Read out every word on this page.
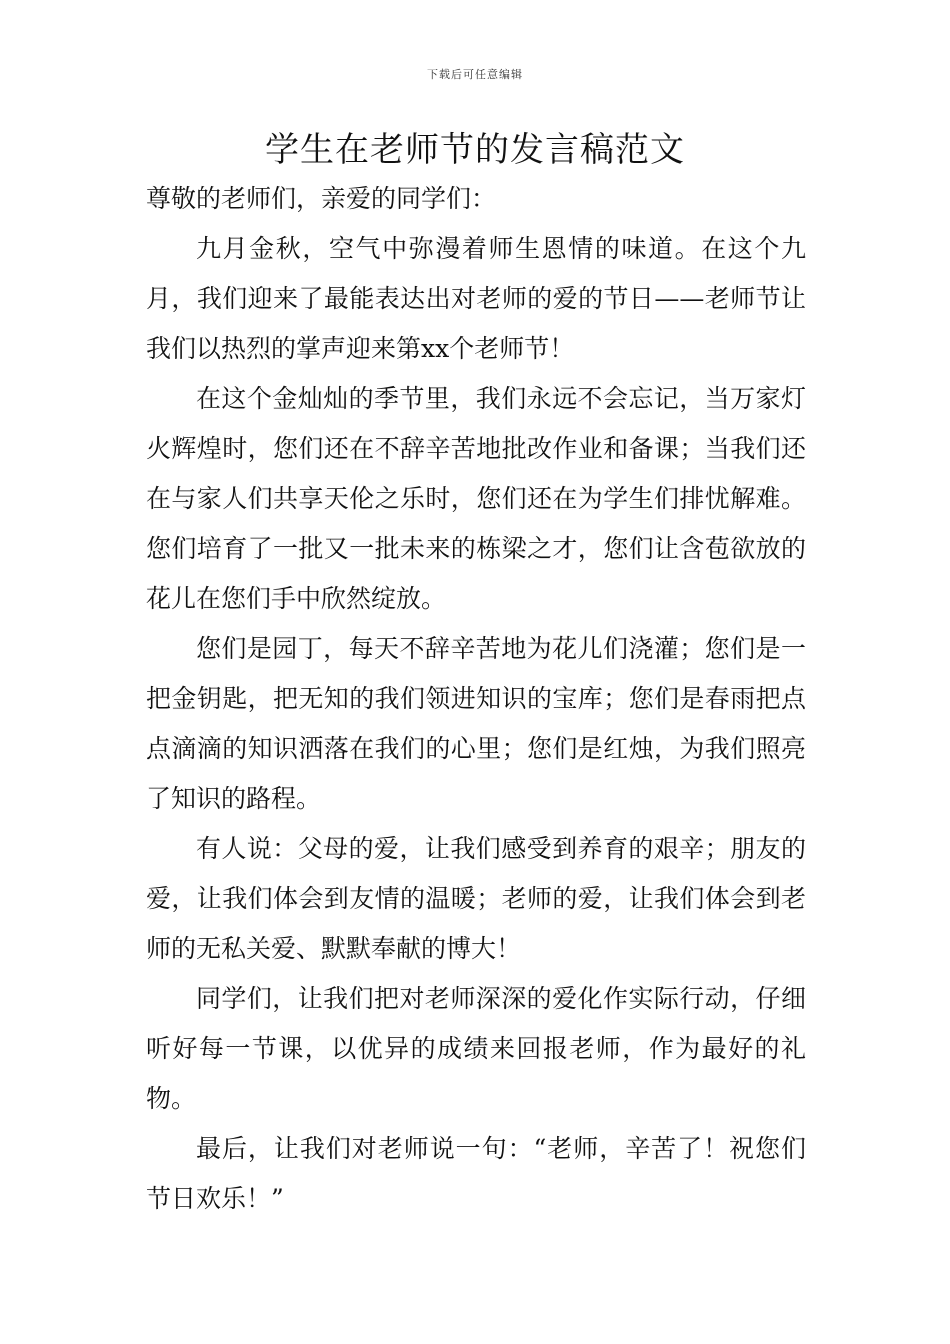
下载后可任意编辑
学生在老师节的发言稿范文

尊敬的老师们，亲爱的同学们：

九月金秋，空气中弥漫着师生恩情的味道。在这个九月，我们迎来了最能表达出对老师的爱的节日——老师节让我们以热烈的掌声迎来第xx个老师节！

在这个金灿灿的季节里，我们永远不会忘记，当万家灯火辉煌时，您们还在不辞辛苦地批改作业和备课；当我们还在与家人们共享天伦之乐时，您们还在为学生们排忧解难。您们培育了一批又一批未来的栋梁之才，您们让含苞欲放的花儿在您们手中欣然绽放。

您们是园丁，每天不辞辛苦地为花儿们浇灌；您们是一把金钥匙，把无知的我们领进知识的宝库；您们是春雨把点点滴滴的知识洒落在我们的心里；您们是红烛，为我们照亮了知识的路程。

有人说：父母的爱，让我们感受到养育的艰辛；朋友的爱，让我们体会到友情的温暖；老师的爱，让我们体会到老师的无私关爱、默默奉献的博大！

同学们，让我们把对老师深深的爱化作实际行动，仔细听好每一节课，以优异的成绩来回报老师，作为最好的礼物。

最后，让我们对老师说一句：“老师，辛苦了！祝您们节日欢乐！”
